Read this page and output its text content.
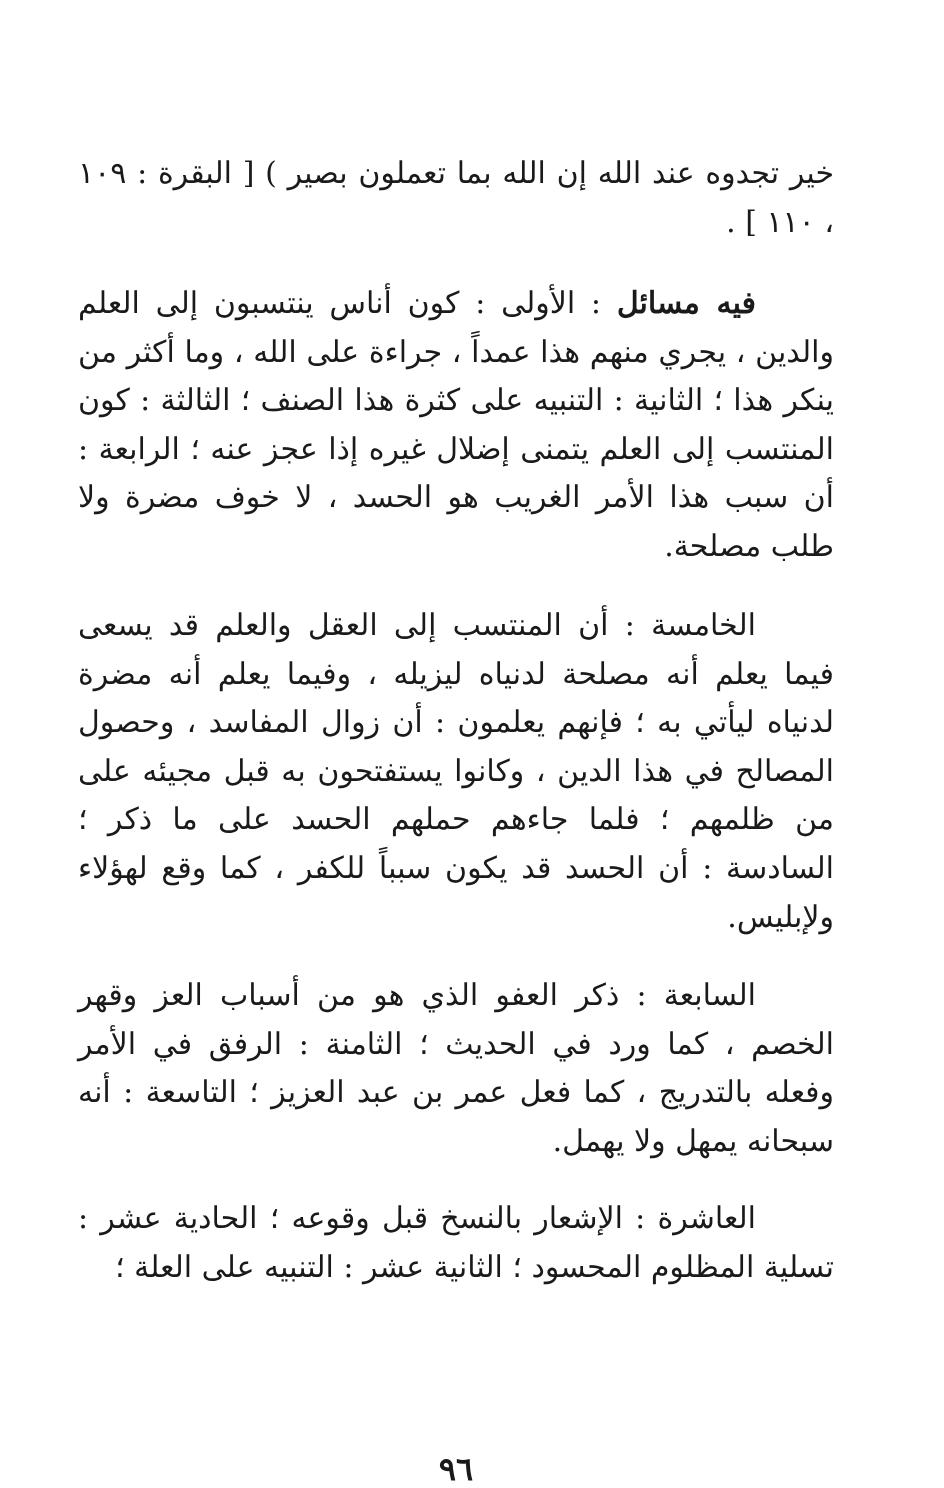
خير تجدوه عند الله إن الله بما تعملون بصير ) [ البقرة : ١٠٩ ، ١١٠ ] .

فيه مسائل : الأولى : كون أناس ينتسبون إلى العلم والدين ، يجري منهم هذا عمداً ، جراءة على الله ، وما أكثر من ينكر هذا ؛ الثانية : التنبيه على كثرة هذا الصنف ؛ الثالثة : كون المنتسب إلى العلم يتمنى إضلال غيره إذا عجز عنه ؛ الرابعة : أن سبب هذا الأمر الغريب هو الحسد ، لا خوف مضرة ولا طلب مصلحة.

الخامسة : أن المنتسب إلى العقل والعلم قد يسعى فيما يعلم أنه مصلحة لدنياه ليزيله ، وفيما يعلم أنه مضرة لدنياه ليأتي به ؛ فإنهم يعلمون : أن زوال المفاسد ، وحصول المصالح في هذا الدين ، وكانوا يستفتحون به قبل مجيئه على من ظلمهم ؛ فلما جاءهم حملهم الحسد على ما ذكر ؛ السادسة : أن الحسد قد يكون سبباً للكفر ، كما وقع لهؤلاء ولإبليس.

السابعة : ذكر العفو الذي هو من أسباب العز وقهر الخصم ، كما ورد في الحديث ؛ الثامنة : الرفق في الأمر وفعله بالتدريج ، كما فعل عمر بن عبد العزيز ؛ التاسعة : أنه سبحانه يمهل ولا يهمل.

العاشرة : الإشعار بالنسخ قبل وقوعه ؛ الحادية عشر : تسلية المظلوم المحسود ؛ الثانية عشر : التنبيه على العلة ؛

٩٦
